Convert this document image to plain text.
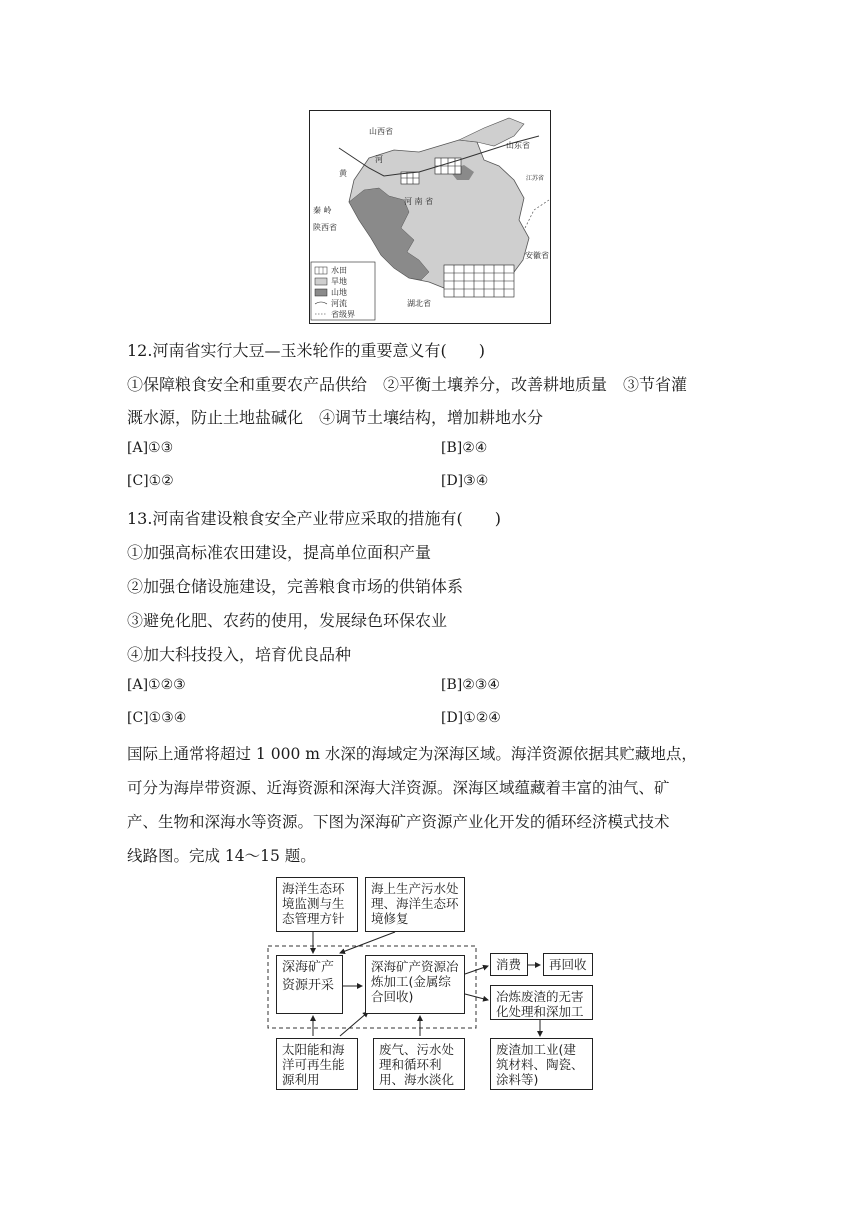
山西省
山东省
江苏省
河 南 省
秦 岭
陕西省
安徽省
湖北省
黄
河
水田
旱地
山地
河流
省级界
12.河南省实行大豆—玉米轮作的重要意义有(　　)
①保障粮食安全和重要农产品供给　②平衡土壤养分，改善耕地质量　③节省灌
溉水源，防止土地盐碱化　④调节土壤结构，增加耕地水分
[A]①③	[B]②④
[C]①②	[D]③④
13.河南省建设粮食安全产业带应采取的措施有(　　)
①加强高标准农田建设，提高单位面积产量
②加强仓储设施建设，完善粮食市场的供销体系
③避免化肥、农药的使用，发展绿色环保农业
④加大科技投入，培育优良品种
[A]①②③	[B]②③④
[C]①③④	[D]①②④
国际上通常将超过 1 000 m 水深的海域定为深海区域。海洋资源依据其贮藏地点，
可分为海岸带资源、近海资源和深海大洋资源。深海区域蕴藏着丰富的油气、矿
产、生物和深海水等资源。下图为深海矿产资源产业化开发的循环经济模式技术
线路图。完成 14～15 题。
海洋生态环境监测与生态管理方针
海上生产污水处理、海洋生态环境修复
深海矿产资源开采
深海矿产资源冶炼加工(金属综合回收)
消费	再回收
冶炼废渣的无害化处理和深加工
太阳能和海洋可再生能源利用
废气、污水处理和循环利用、海水淡化
废渣加工业(建筑材料、陶瓷、涂料等)
